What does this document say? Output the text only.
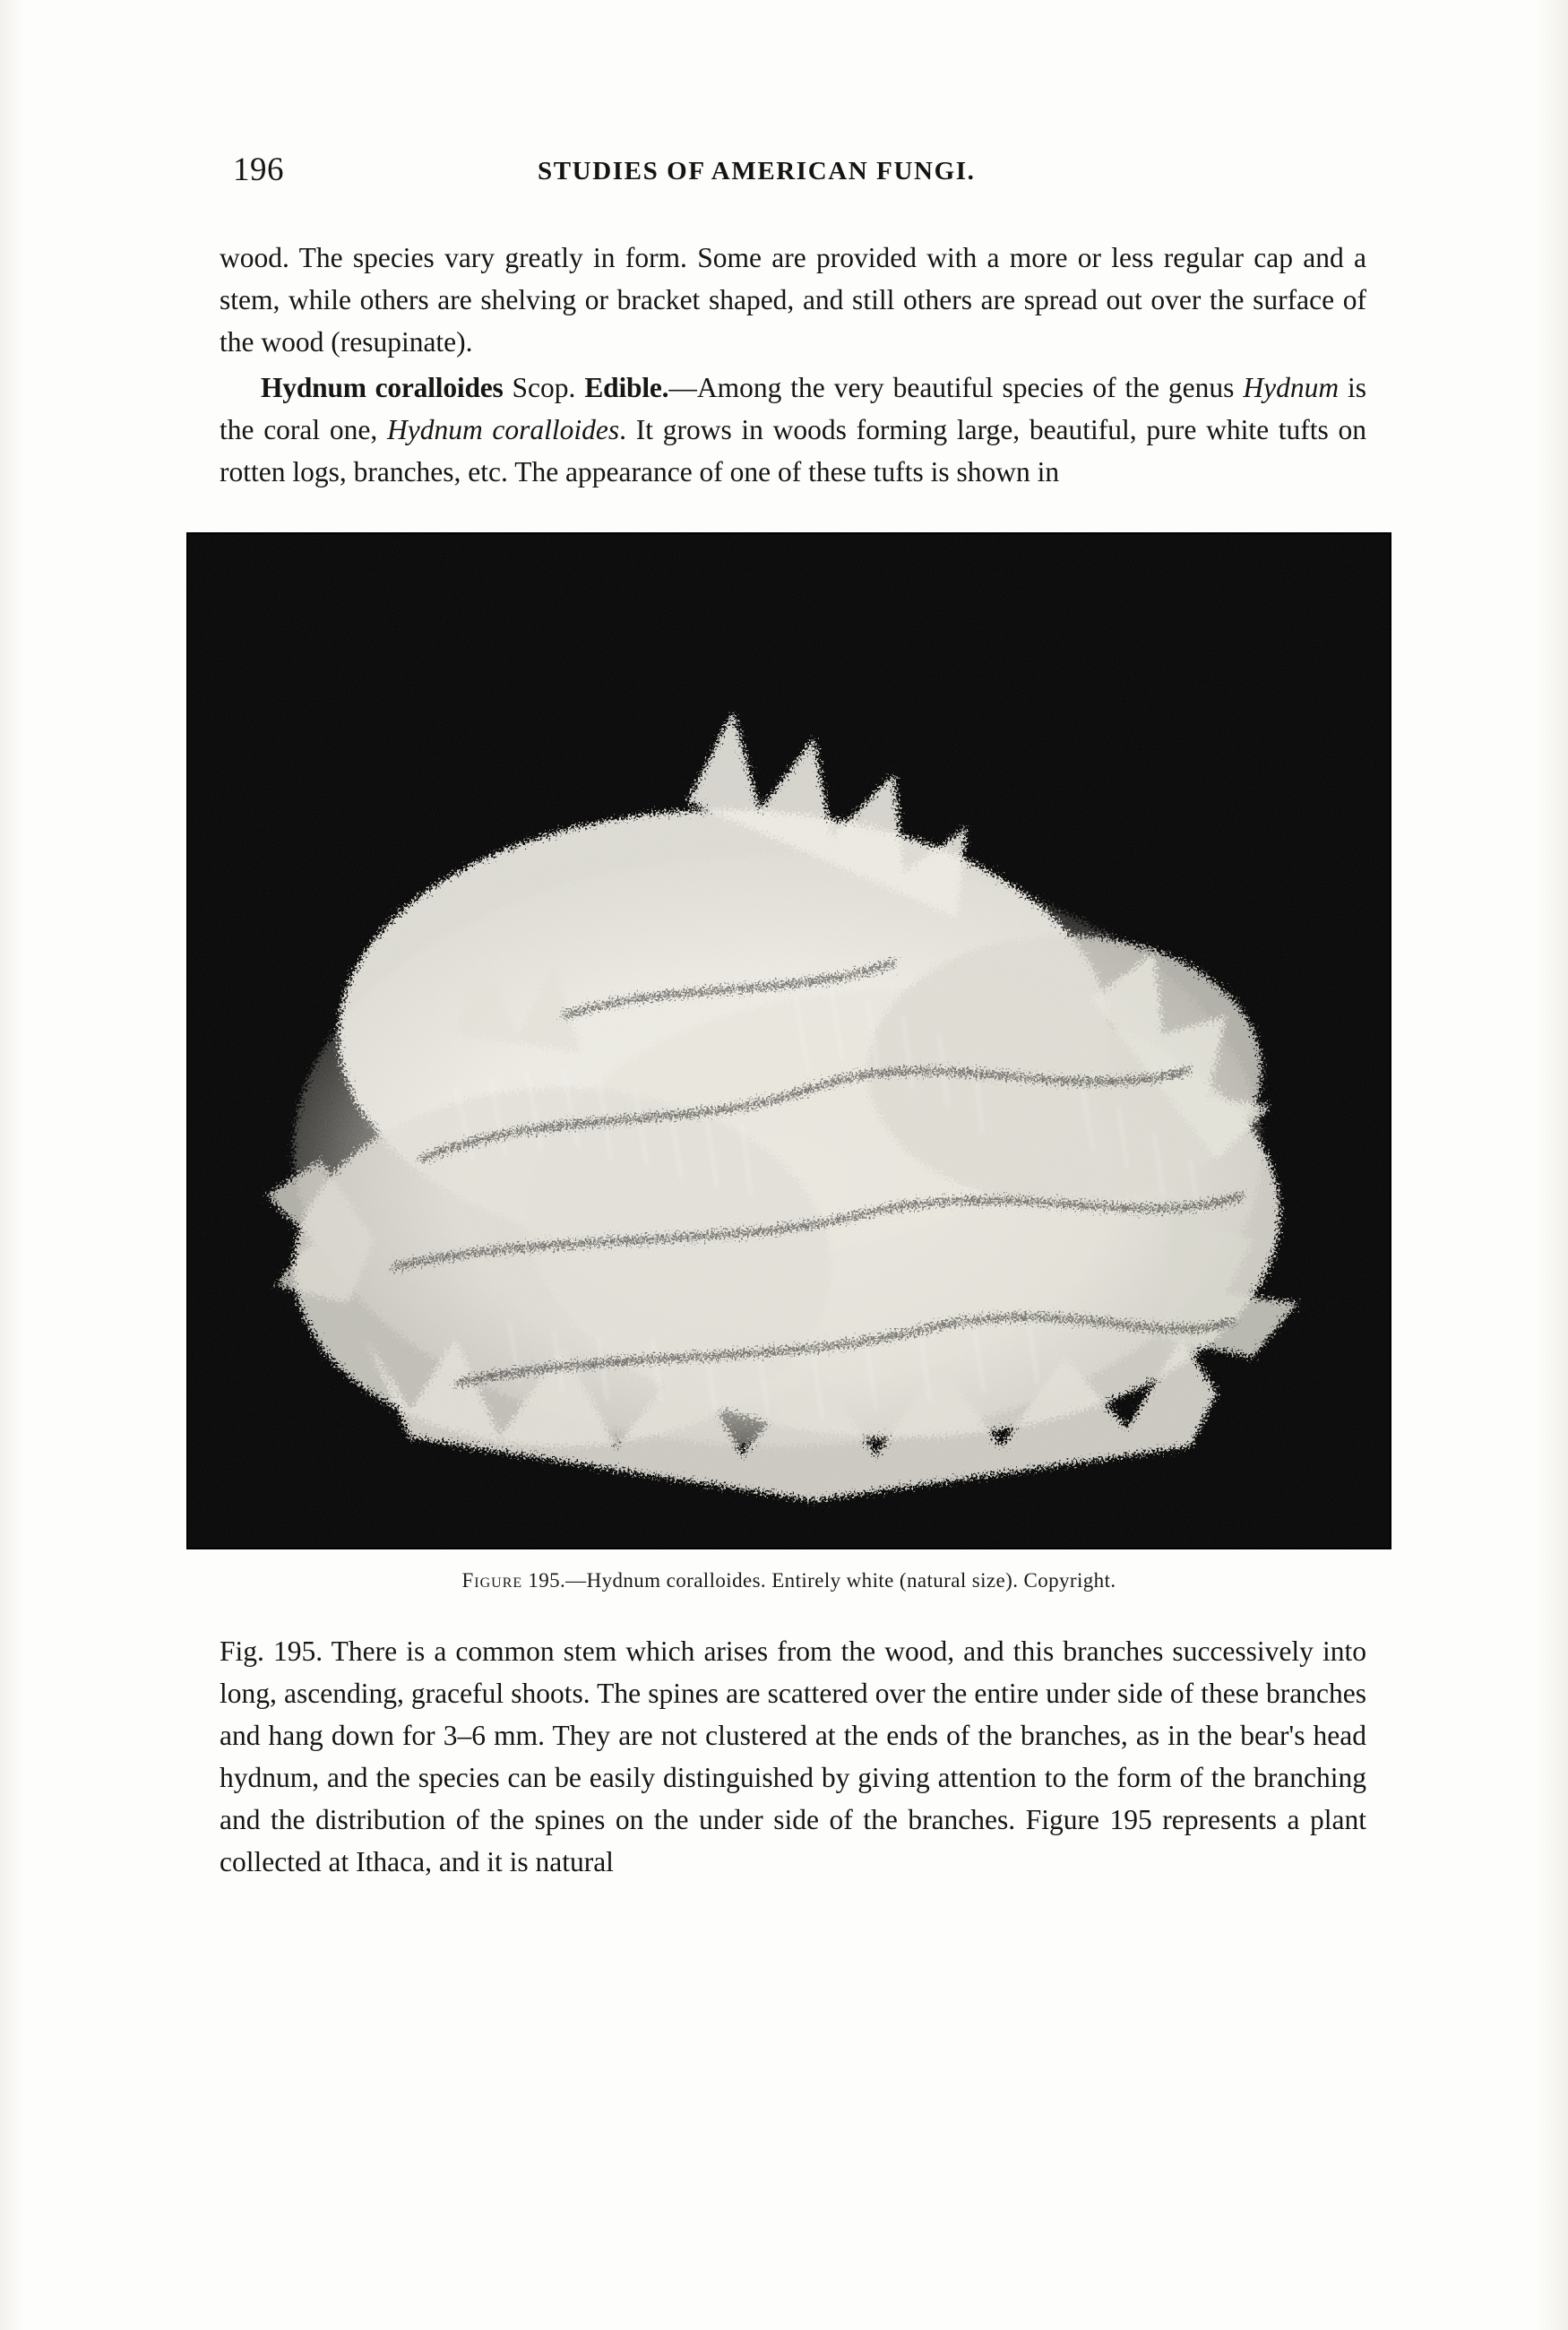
196	STUDIES OF AMERICAN FUNGI.

wood. The species vary greatly in form. Some are provided with a more or less regular cap and a stem, while others are shelving or bracket shaped, and still others are spread out over the surface of the wood (resupinate).

Hydnum coralloides Scop. Edible.—Among the very beautiful species of the genus Hydnum is the coral one, Hydnum coralloides. It grows in woods forming large, beautiful, pure white tufts on rotten logs, branches, etc. The appearance of one of these tufts is shown in

Figure 195.—Hydnum coralloides. Entirely white (natural size). Copyright.

Fig. 195. There is a common stem which arises from the wood, and this branches successively into long, ascending, graceful shoots. The spines are scattered over the entire under side of these branches and hang down for 3–6 mm. They are not clustered at the ends of the branches, as in the bear's head hydnum, and the species can be easily distinguished by giving attention to the form of the branching and the distribution of the spines on the under side of the branches. Figure 195 represents a plant collected at Ithaca, and it is natural
